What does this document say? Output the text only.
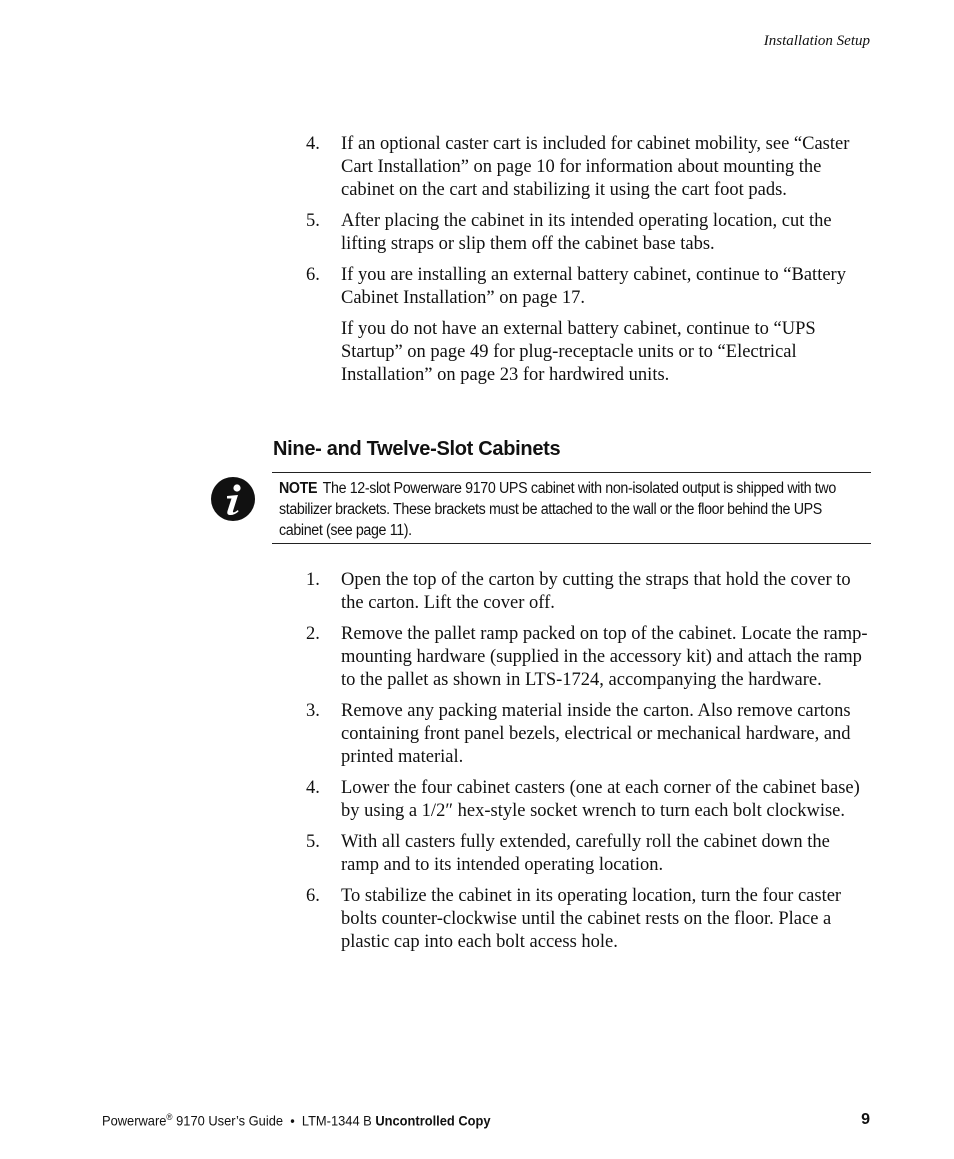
Installation Setup
4. If an optional caster cart is included for cabinet mobility, see “Caster Cart Installation” on page 10 for information about mounting the cabinet on the cart and stabilizing it using the cart foot pads.
5. After placing the cabinet in its intended operating location, cut the lifting straps or slip them off the cabinet base tabs.
6. If you are installing an external battery cabinet, continue to “Battery Cabinet Installation” on page 17.
If you do not have an external battery cabinet, continue to “UPS Startup” on page 49 for plug-receptacle units or to “Electrical Installation” on page 23 for hardwired units.
Nine- and Twelve-Slot Cabinets
NOTE The 12-slot Powerware 9170 UPS cabinet with non-isolated output is shipped with two stabilizer brackets. These brackets must be attached to the wall or the floor behind the UPS cabinet (see page 11).
1. Open the top of the carton by cutting the straps that hold the cover to the carton. Lift the cover off.
2. Remove the pallet ramp packed on top of the cabinet. Locate the ramp-mounting hardware (supplied in the accessory kit) and attach the ramp to the pallet as shown in LTS-1724, accompanying the hardware.
3. Remove any packing material inside the carton. Also remove cartons containing front panel bezels, electrical or mechanical hardware, and printed material.
4. Lower the four cabinet casters (one at each corner of the cabinet base) by using a 1/2″ hex-style socket wrench to turn each bolt clockwise.
5. With all casters fully extended, carefully roll the cabinet down the ramp and to its intended operating location.
6. To stabilize the cabinet in its operating location, turn the four caster bolts counter-clockwise until the cabinet rests on the floor. Place a plastic cap into each bolt access hole.
Powerware® 9170 User’s Guide  •  LTM-1344 B Uncontrolled Copy	9
